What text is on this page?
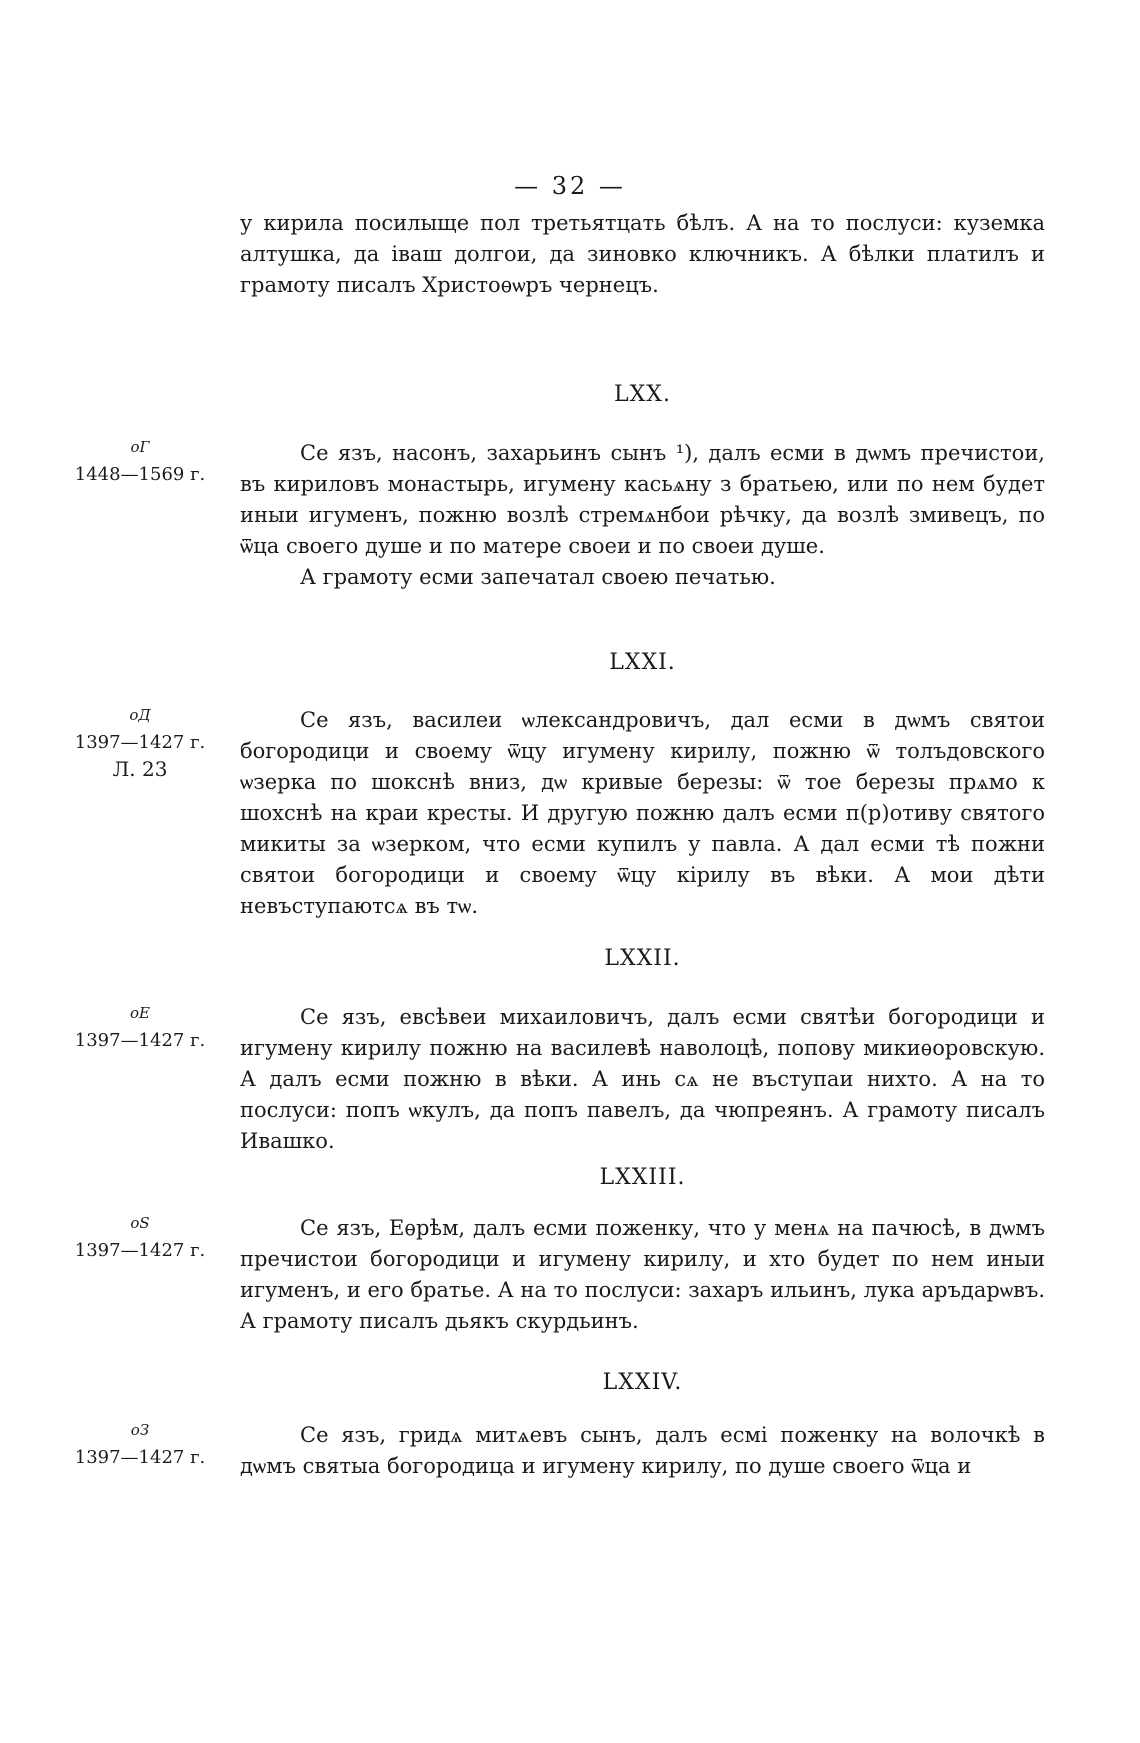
— 32 —
у кирила посилыще пол третьятцать бѣлъ. А на то послуси: куземка
алтушка, да іваш долгои, да зиновко ключникъ. А бѣлки платилъ и
грамоту писалъ Христоѳѡръ чернецъ.
LXX.
оГ
1448—1569 г.

Се язъ, насонъ, захарьинъ сынъ ¹), далъ есми в дѡмъ пречистои, въ кириловъ монастырь, игумену касьѧну з братьею, или по нем будет иныи игуменъ, пожню возлѣ стремѧнбои рѣчку, да возлѣ змивецъ, по ѿца своего душе и по матере своеи и по своеи душе.

А грамоту есми запечатал своею печатью.

LXXI.
оД
1397—1427 г.
Л. 23

Се язъ, василеи ѡлександровичъ, дал есми в дѡмъ святои богородици и своему ѿцу игумену кирилу, пожню ѿ толъдовского ѡзерка по шокснѣ вниз, дѡ кривые березы: ѿ тое березы прѧмо к шохснѣ на краи кресты. И другую пожню далъ есми п(р)отиву святого микиты за ѡзерком, что есми купилъ у павла. А дал есми тѣ пожни святои богородици и своему ѿцу кірилу въ вѣки. А мои дѣти невъступаютсѧ въ тѡ.

LXXII.
оЕ
1397—1427 г.

Се язъ, евсѣвеи михаиловичъ, далъ есми святѣи богородици и игумену кирилу пожню на василевѣ наволоцѣ, попову микиѳоровскую. А далъ есми пожню в вѣки. А инь сѧ не въступаи нихто. А на то послуси: попъ ѡкулъ, да попъ павелъ, да чюпреянъ. А грамоту писалъ Ивашко.

LXXIII.
оЅ
1397—1427 г.

Се язъ, Еѳрѣм, далъ есми поженку, что у менѧ на пачюсѣ, в дѡмъ пречистои богородици и игумену кирилу, и хто будет по нем иныи игуменъ, и его братье. А на то послуси: захаръ ильинъ, лука аръдарѡвъ. А грамоту писалъ дьякъ скурдьинъ.

LXXIV.
оЗ
1397—1427 г.

Се язъ, гридѧ митѧевъ сынъ, далъ есмі поженку на волочкѣ в дѡмъ святыа богородица и игумену кирилу, по душе своего ѿца и
